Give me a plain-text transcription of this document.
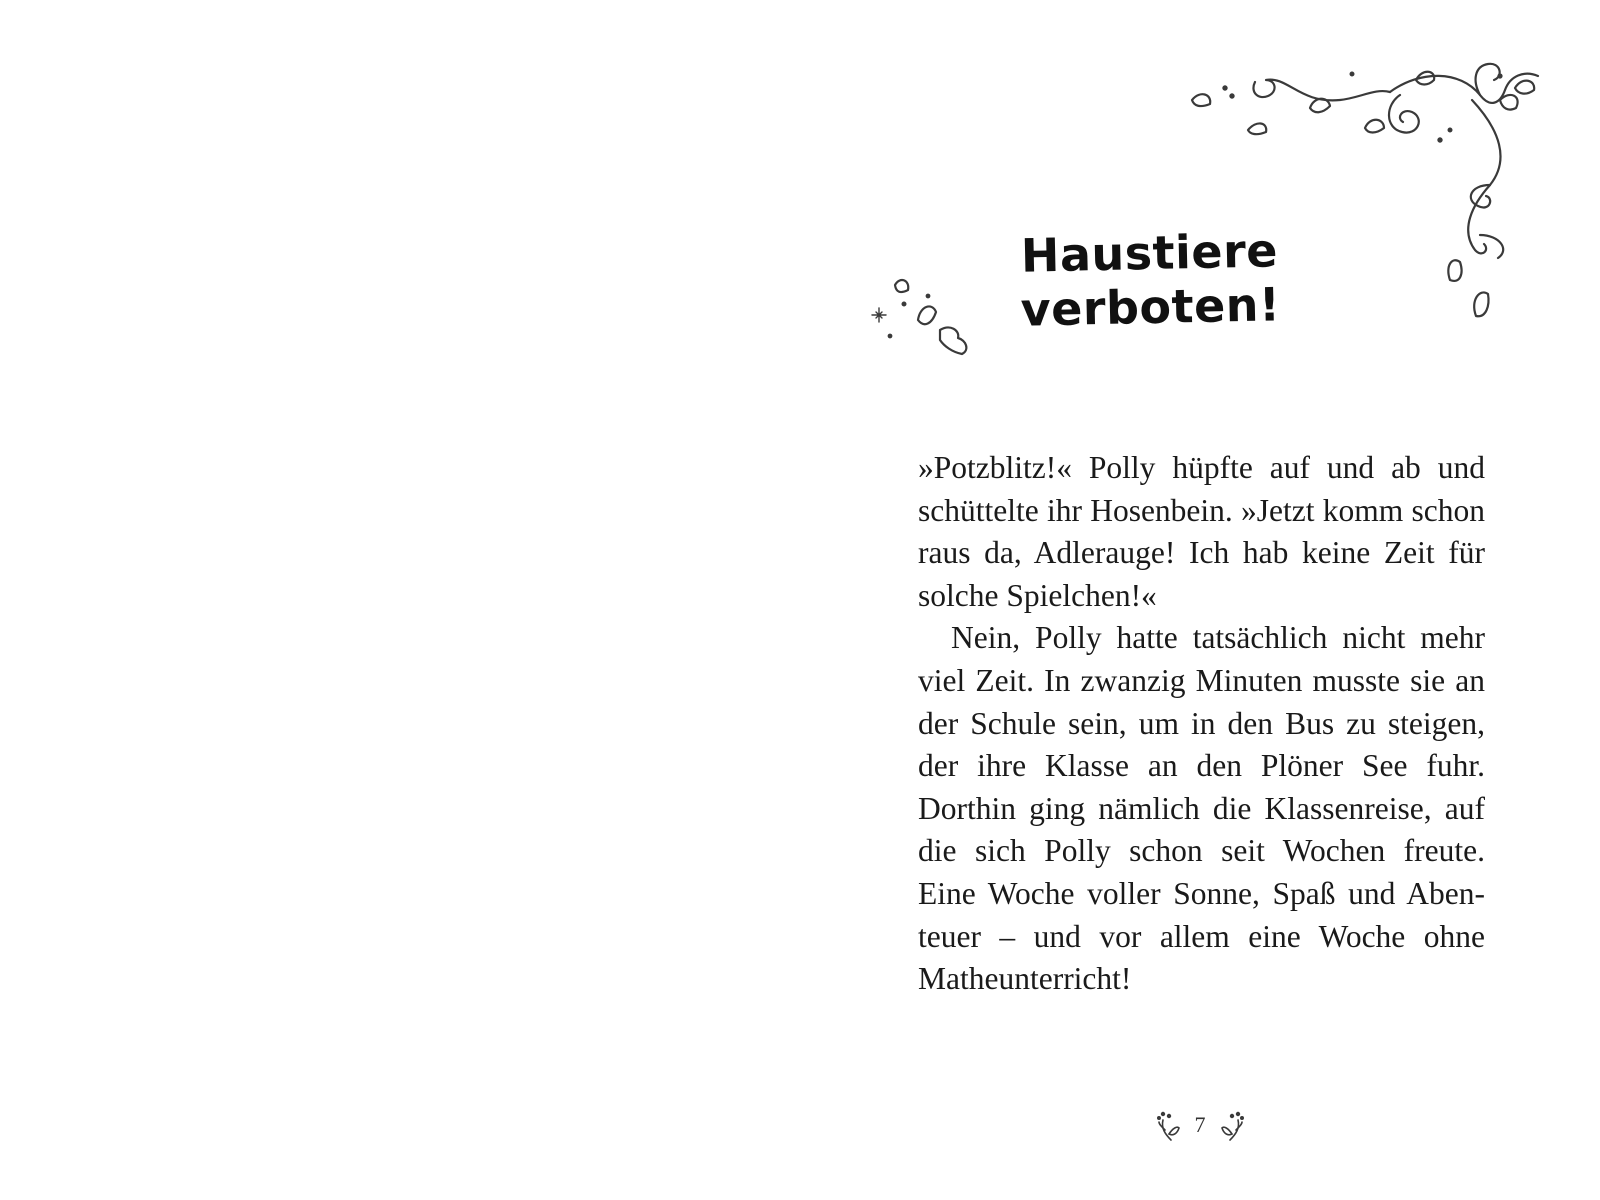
Haustiere verboten!

»Potzblitz!« Polly hüpfte auf und ab und schüttelte ihr Hosenbein. »Jetzt komm schon raus da, Adlerauge! Ich hab keine Zeit für solche Spielchen!«

Nein, Polly hatte tatsächlich nicht mehr viel Zeit. In zwanzig Minuten musste sie an der Schule sein, um in den Bus zu steigen, der ihre Klasse an den Plöner See fuhr. Dorthin ging nämlich die Klassenreise, auf die sich Polly schon seit Wochen freute. Eine Woche voller Sonne, Spaß und Abenteuer – und vor allem eine Woche ohne Matheunterricht!

7
